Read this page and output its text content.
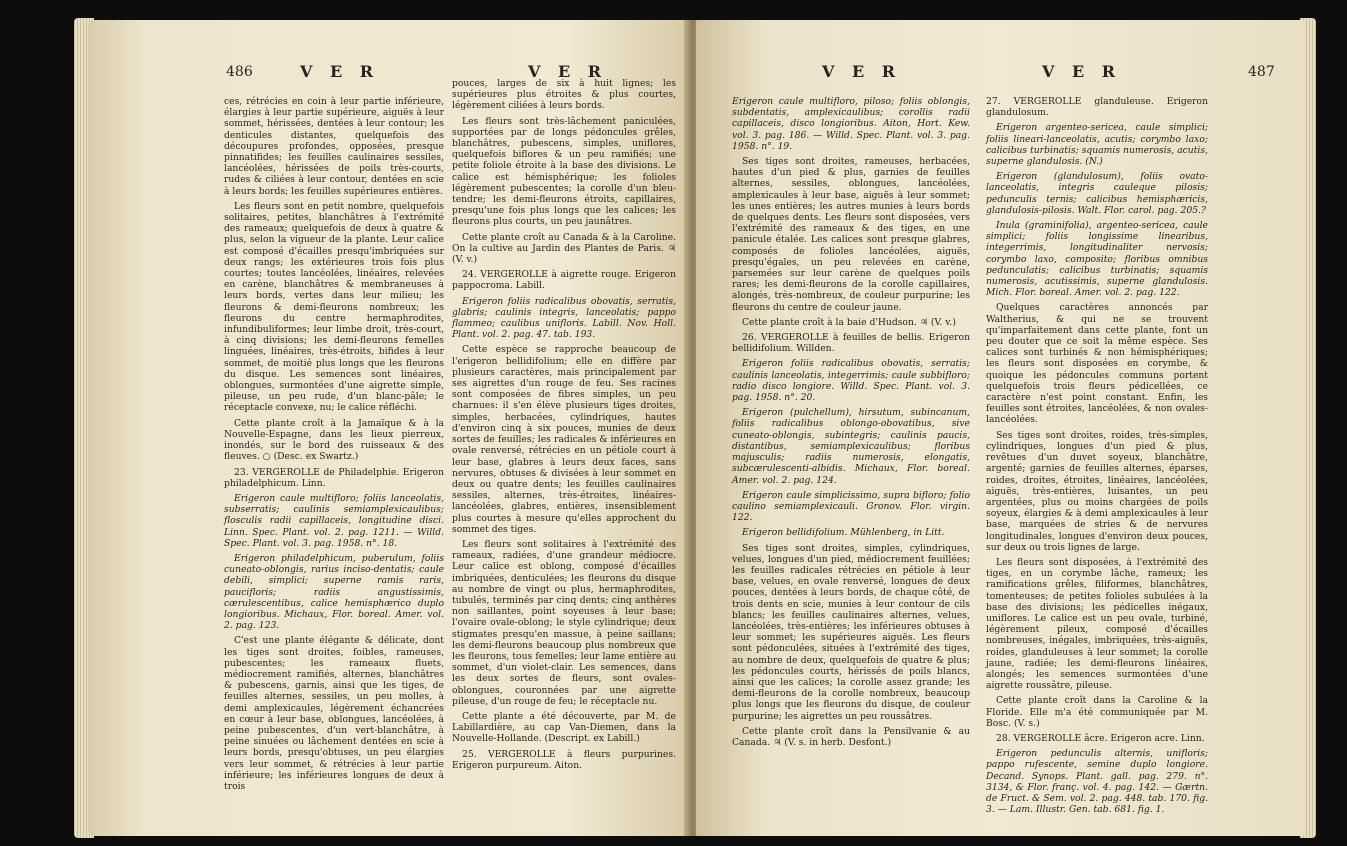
486	V E R	V E R

ces, rétrécies en coin à leur partie inférieure, élargies à leur partie supérieure, aiguës à leur sommet, hérissées, dentées à leur contour; les denticules distantes, quelquefois des découpures profondes, opposées, presque pinnatifides; les feuilles caulinaires sessiles, lancéolées, hérissées de poils très-courts, rudes & ciliées à leur contour, dentées en scie à leurs bords; les feuilles supérieures entières.

Les fleurs sont en petit nombre, quelquefois solitaires, petites, blanchâtres à l'extrémité des rameaux; quelquefois de deux à quatre & plus, selon la vigueur de la plante. Leur calice est composé d'écailles presqu'imbriquées sur deux rangs; les extérieures trois fois plus courtes; toutes lancéolées, linéaires, relevées en carène, blanchâtres & membraneuses à leurs bords, vertes dans leur milieu; les fleurons & demi-fleurons nombreux; les fleurons du centre hermaphrodites, infundibuliformes; leur limbe droit, très-court, à cinq divisions; les demi-fleurons femelles linguées, linéaires, très-étroits, bifides à leur sommet, de moitié plus longs que les fleurons du disque. Les semences sont linéaires, oblongues, surmontées d'une aigrette simple, pileuse, un peu rude, d'un blanc-pâle; le réceptacle convexe, nu; le calice réfléchi.

Cette plante croît à la Jamaïque & à la Nouvelle-Espagne, dans les lieux pierreux, inondés, sur le bord des ruisseaux & des fleuves. ○ (Desc. ex Swartz.)

23. VERGEROLLE de Philadelphie. Erigeron philadelphicum. Linn.

Erigeron caule multifloro; foliis lanceolatis, subserratis; caulinis semiamplexicaulibus; flosculis radii capillaceis, longitudine disci. Linn. Spec. Plant. vol. 2. pag. 1211. — Willd. Spec. Plant. vol. 3. pag. 1958. n°. 18.

Erigeron philadelphicum, puberulum, foliis cuneato-oblongis, rarius inciso-dentatis; caule debili, simplici; superne ramis raris, paucifloris; radiis angustissimis, cærulescentibus, calice hemisphærico duplo longioribus. Michaux, Flor. boreal. Amer. vol. 2. pag. 123.

C'est une plante élégante & délicate, dont les tiges sont droites, foibles, rameuses, pubescentes; les rameaux fluets, médiocrement ramifiés, alternes, blanchâtres & pubescens, garnis, ainsi que les tiges, de feuilles alternes, sessiles, un peu molles, à demi amplexicaules, légèrement échancrées en cœur à leur base, oblongues, lancéolées, à peine pubescentes, d'un vert-blanchâtre, à peine sinuées ou lâchement dentées en scie à leurs bords, presqu'obtuses, un peu élargies vers leur sommet, & rétrécies à leur partie inférieure; les inférieures longues de deux à trois

pouces, larges de six à huit lignes; les supérieures plus étroites & plus courtes, légèrement ciliées à leurs bords.

Les fleurs sont très-lâchement paniculées, supportées par de longs pédoncules grêles, blanchâtres, pubescens, simples, uniflores, quelquefois biflores & un peu ramifiés; une petite foliole étroite à la base des divisions. Le calice est hémisphérique; les folioles légèrement pubescentes; la corolle d'un bleu-tendre; les demi-fleurons étroits, capillaires, presqu'une fois plus longs que les calices; les fleurons plus courts, un peu jaunâtres.

Cette plante croît au Canada & à la Caroline. On la cultive au Jardin des Plantes de Paris. ♃ (V. v.)

24. VERGEROLLE à aigrette rouge. Erigeron pappocroma. Labill.

Erigeron foliis radicalibus obovatis, serratis, glabris; caulinis integris, lanceolatis; pappo flammeo; caulibus unifloris. Labill. Nov. Holl. Plant. vol. 2. pag. 47. tab. 193.

Cette espèce se rapproche beaucoup de l'erigeron bellidifolium; elle en diffère par plusieurs caractères, mais principalement par ses aigrettes d'un rouge de feu. Ses racines sont composées de fibres simples, un peu charnues: il s'en élève plusieurs tiges droites, simples, herbacées, cylindriques, hautes d'environ cinq à six pouces, munies de deux sortes de feuilles; les radicales & inférieures en ovale renversé, rétrécies en un pétiole court à leur base, glabres à leurs deux faces, sans nervures, obtuses & divisées à leur sommet en deux ou quatre dents; les feuilles caulinaires sessiles, alternes, très-étroites, linéaires-lancéolées, glabres, entières, insensiblement plus courtes à mesure qu'elles approchent du sommet des tiges.

Les fleurs sont solitaires à l'extrémité des rameaux, radiées, d'une grandeur médiocre. Leur calice est oblong, composé d'écailles imbriquées, denticulées; les fleurons du disque au nombre de vingt ou plus, hermaphrodites, tubulés, terminés par cinq dents; cinq anthères non saillantes, point soyeuses à leur base; l'ovaire ovale-oblong; le style cylindrique; deux stigmates presqu'en massue, à peine saillans; les demi-fleurons beaucoup plus nombreux que les fleurons, tous femelles; leur lame entière au sommet, d'un violet-clair. Les semences, dans les deux sortes de fleurs, sont ovales-oblongues, couronnées par une aigrette pileuse, d'un rouge de feu; le réceptacle nu.

Cette plante a été découverte, par M. de Labillardière, au cap Van-Diemen, dans la Nouvelle-Hollande. (Descript. ex Labill.)

25. VERGEROLLE à fleurs purpurines. Erigeron purpureum. Aiton.

V E R	V E R	487

Erigeron caule multifloro, piloso; foliis oblongis, subdentatis, amplexicaulibus; corollis radii capillaceis, disco longioribus. Aiton, Hort. Kew. vol. 3. pag. 186. — Willd. Spec. Plant. vol. 3. pag. 1958. n°. 19.

Ses tiges sont droites, rameuses, herbacées, hautes d'un pied & plus, garnies de feuilles alternes, sessiles, oblongues, lancéolées, amplexicaules à leur base, aiguës à leur sommet; les unes entières; les autres munies à leurs bords de quelques dents. Les fleurs sont disposées, vers l'extrémité des rameaux & des tiges, en une panicule étalée. Les calices sont presque glabres, composés de folioles lancéolées, aiguës, presqu'égales, un peu relevées en carène, parsemées sur leur carène de quelques poils rares; les demi-fleurons de la corolle capillaires, alongés, très-nombreux, de couleur purpurine; les fleurons du centre de couleur jaune.

Cette plante croît à la baie d'Hudson. ♃ (V. v.)

26. VERGEROLLE à feuilles de bellis. Erigeron bellidifolium. Willden.

Erigeron foliis radicalibus obovatis, serratis; caulinis lanceolatis, integerrimis; caule subbifloro; radio disco longiore. Willd. Spec. Plant. vol. 3. pag. 1958. n°. 20.

Erigeron (pulchellum), hirsutum, subincanum, foliis radicalibus oblongo-obovatibus, sive cuneato-oblongis, subintegris; caulinis paucis, distantibus, semiamplexicaulibus; floribus majusculis; radiis numerosis, elongatis, subcærulescenti-albidis. Michaux, Flor. boreal. Amer. vol. 2. pag. 124.

Erigeron caule simplicissimo, supra bifloro; folio caulino semiamplexicauli. Gronov. Flor. virgin. 122.

Erigeron bellidifolium. Mühlenberg, in Litt.

Ses tiges sont droites, simples, cylindriques, velues, longues d'un pied, médiocrement feuillées; les feuilles radicales rétrécies en pétiole à leur base, velues, en ovale renversé, longues de deux pouces, dentées à leurs bords, de chaque côté, de trois dents en scie, munies à leur contour de cils blancs; les feuilles caulinaires alternes, velues, lancéolées, très-entières; les inférieures obtuses à leur sommet; les supérieures aiguës. Les fleurs sont pédonculées, situées à l'extrémité des tiges, au nombre de deux, quelquefois de quatre & plus; les pédoncules courts, hérissés de poils blancs, ainsi que les calices; la corolle assez grande; les demi-fleurons de la corolle nombreux, beaucoup plus longs que les fleurons du disque, de couleur purpurine; les aigrettes un peu roussâtres.

Cette plante croît dans la Pensilvanie & au Canada. ♃ (V. s. in herb. Desfont.)

27. VERGEROLLE glanduleuse. Erigeron glandulosum.

Erigeron argenteo-sericea, caule simplici; foliis lineari-lanceolatis, acutis; corymbo laxo; calicibus turbinatis; squamis numerosis, acutis, superne glandulosis. (N.)

Erigeron (glandulosum), foliis ovato-lanceolatis, integris cauleque pilosis; pedunculis ternis; calicibus hemisphæricis, glandulosis-pilosis. Walt. Flor. carol. pag. 205.?

Inula (graminifolia), argenteo-sericea, caule simplici; foliis longissime linearibus, integerrimis, longitudinaliter nervosis; corymbo laxo, composito; floribus omnibus pedunculatis; calicibus turbinatis; squamis numerosis, acutissimis, superne glandulosis. Mich. Flor. boreal. Amer. vol. 2. pag. 122.

Quelques caractères annoncés par Waltherius, & qui ne se trouvent qu'imparfaitement dans cette plante, font un peu douter que ce soit la même espèce. Ses calices sont turbinés & non hémisphériques; les fleurs sont disposées en corymbe, & quoique les pédoncules communs portent quelquefois trois fleurs pédicellées, ce caractère n'est point constant. Enfin, les feuilles sont étroites, lancéolées, & non ovales-lancéolées.

Ses tiges sont droites, roides, très-simples, cylindriques, longues d'un pied & plus, revêtues d'un duvet soyeux, blanchâtre, argenté; garnies de feuilles alternes, éparses, roides, droites, étroites, linéaires, lancéolées, aiguës, très-entières, luisantes, un peu argentées, plus ou moins chargées de poils soyeux, élargies & à demi amplexicaules à leur base, marquées de stries & de nervures longitudinales, longues d'environ deux pouces, sur deux ou trois lignes de large.

Les fleurs sont disposées, à l'extrémité des tiges, en un corymbe lâche, rameux; les ramifications grêles, filiformes, blanchâtres, tomenteuses; de petites folioles subulées à la base des divisions; les pédicelles inégaux, uniflores. Le calice est un peu ovale, turbiné, légèrement pileux, composé d'écailles nombreuses, inégales, imbriquées, très-aiguës, roides, glanduleuses à leur sommet; la corolle jaune, radiée; les demi-fleurons linéaires, alongés; les semences surmontées d'une aigrette roussâtre, pileuse.

Cette plante croît dans la Caroline & la Floride. Elle m'a été communiquée par M. Bosc. (V. s.)

28. VERGEROLLE âcre. Erigeron acre. Linn.

Erigeron pedunculis alternis, unifloris; pappo rufescente, semine duplo longiore. Decand. Synops. Plant. gall. pag. 279. n°. 3134, & Flor. franç. vol. 4. pag. 142. — Gærtn. de Fruct. & Sem. vol. 2. pag. 448. tab. 170. fig. 3. — Lam. Illustr. Gen. tab. 681. fig. 1.
